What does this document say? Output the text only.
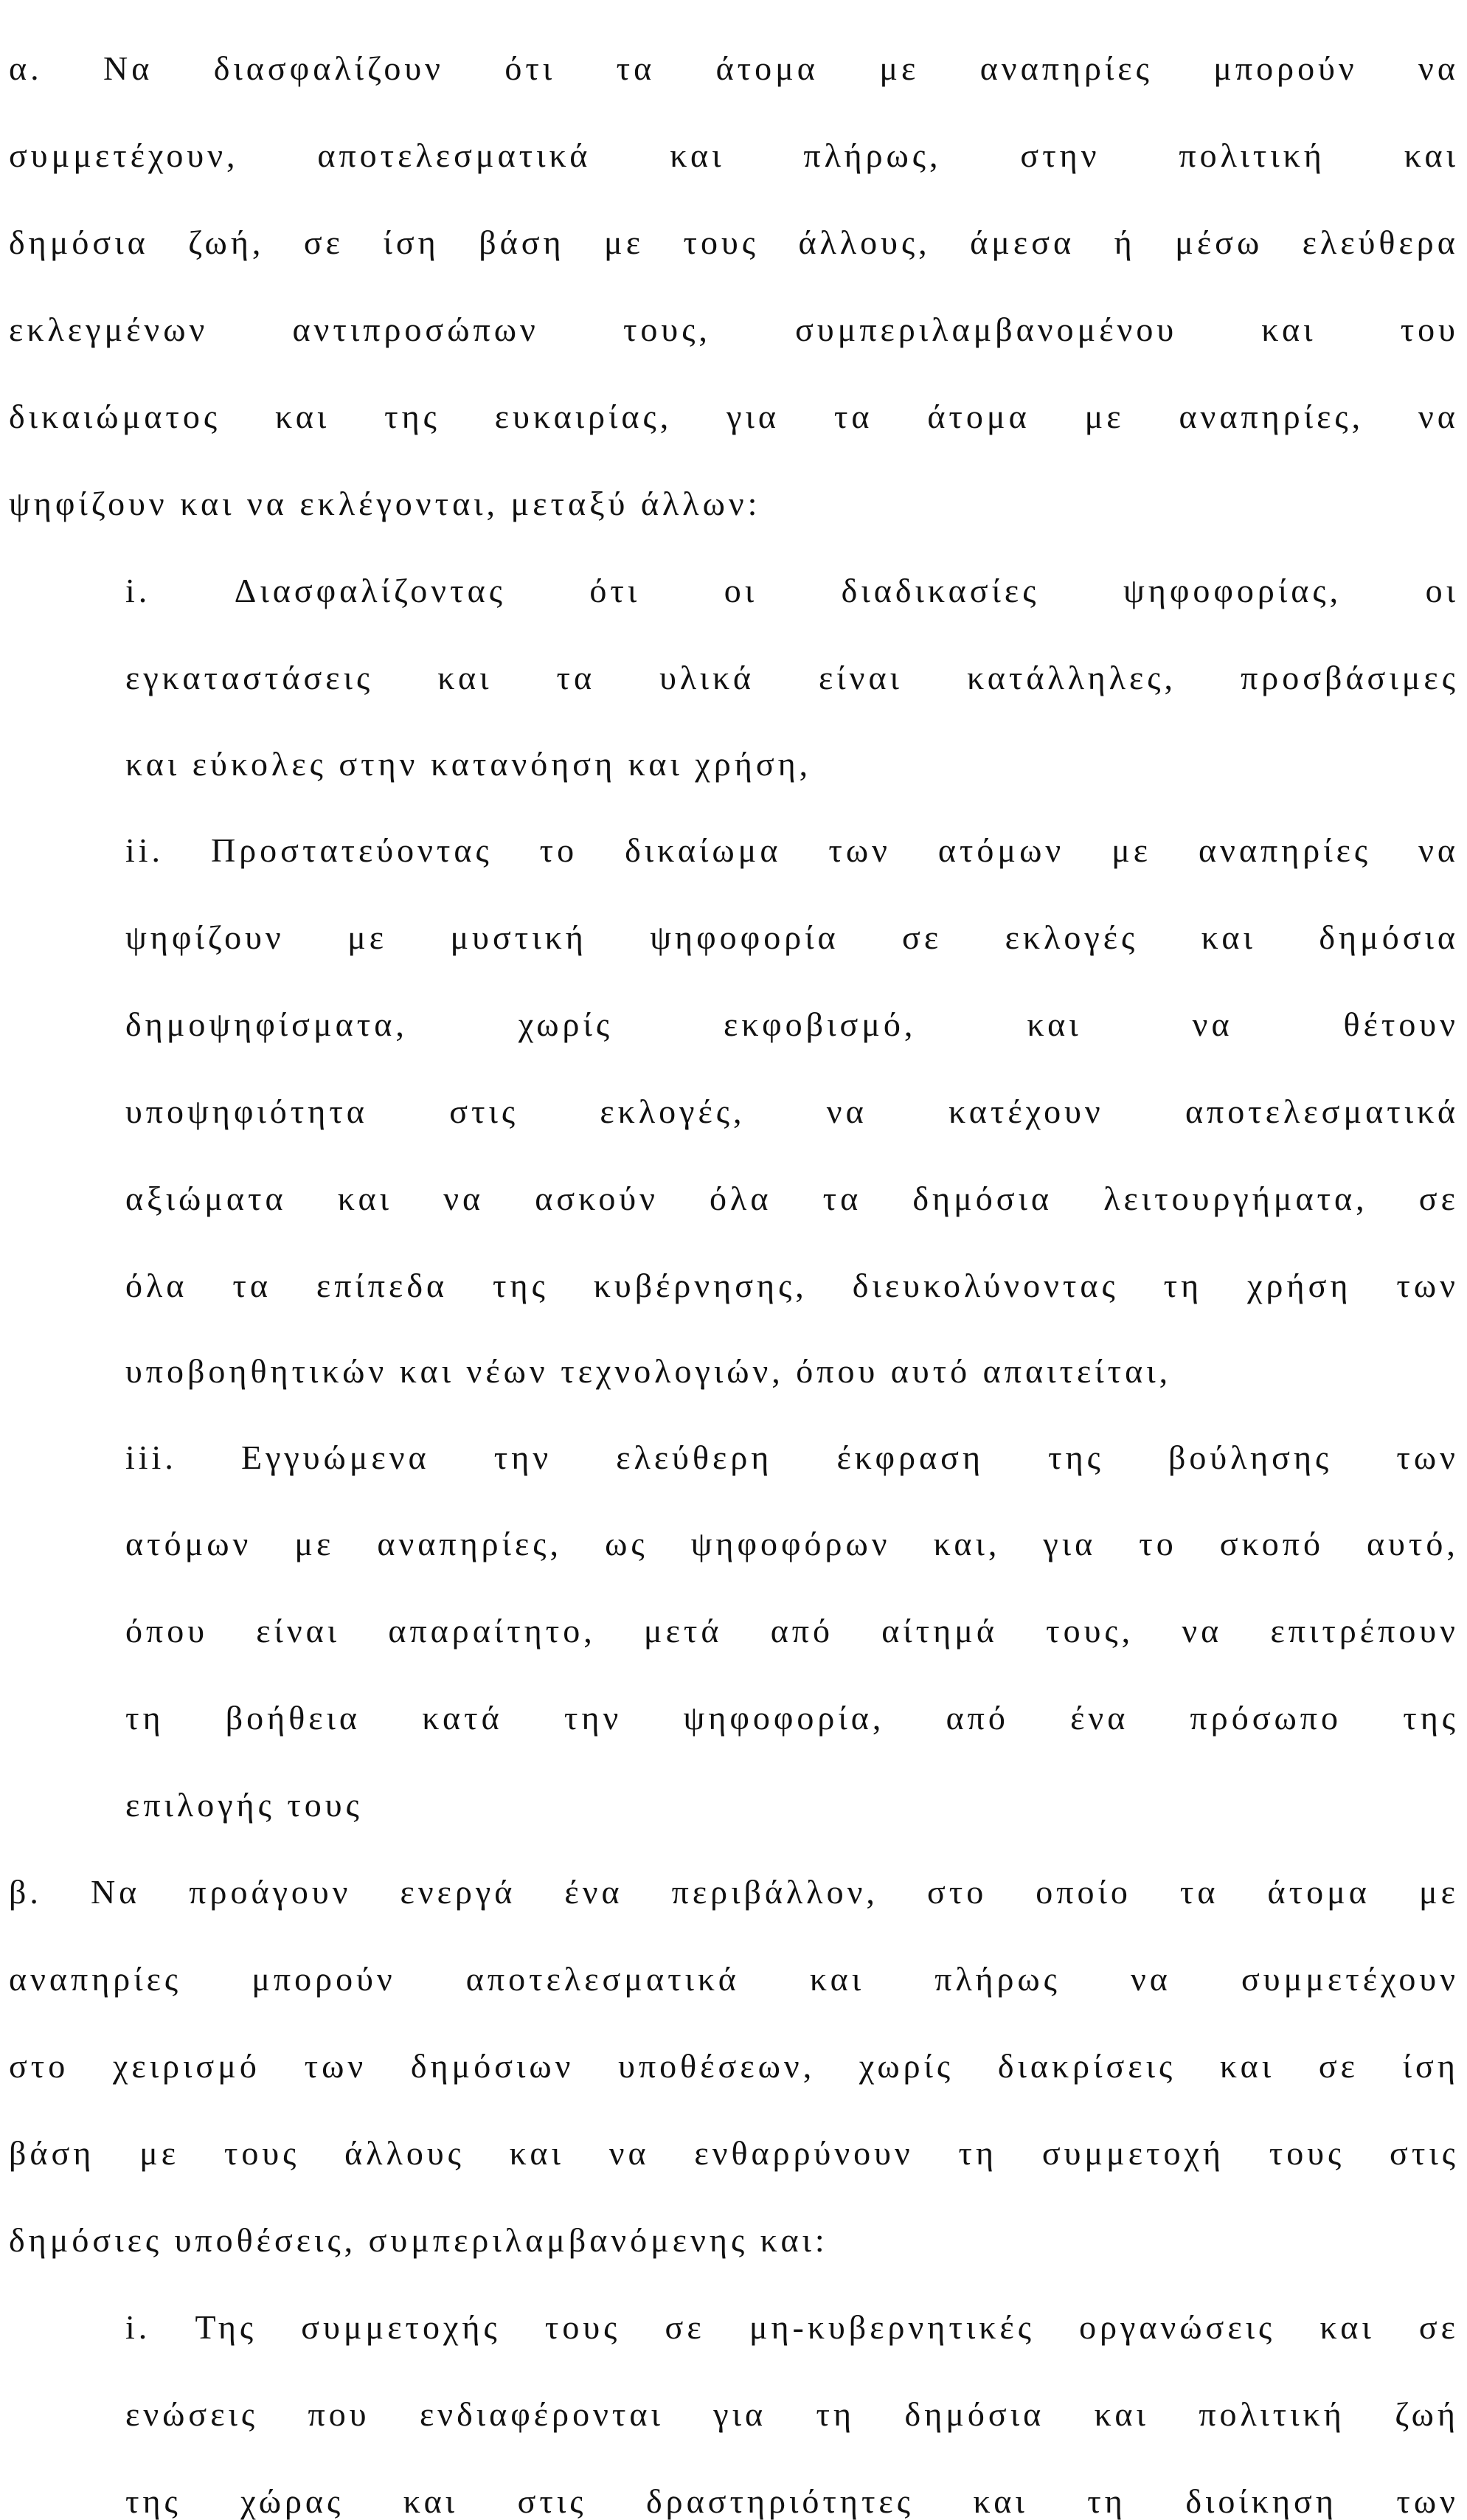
α. Να διασφαλίζουν ότι τα άτομα με αναπηρίες μπορούν να
συμμετέχουν, αποτελεσματικά και πλήρως, στην πολιτική και
δημόσια ζωή, σε ίση βάση με τους άλλους, άμεσα ή μέσω ελεύθερα
εκλεγμένων αντιπροσώπων τους, συμπεριλαμβανομένου και του
δικαιώματος και της ευκαιρίας, για τα άτομα με αναπηρίες, να
ψηφίζουν και να εκλέγονται, μεταξύ άλλων:
i. Διασφαλίζοντας ότι οι διαδικασίες ψηφοφορίας, οι
εγκαταστάσεις και τα υλικά είναι κατάλληλες, προσβάσιμες
και εύκολες στην κατανόηση και χρήση,
ii. Προστατεύοντας το δικαίωμα των ατόμων με αναπηρίες να
ψηφίζουν με μυστική ψηφοφορία σε εκλογές και δημόσια
δημοψηφίσματα,	χωρίς	εκφοβισμό,	και	να	θέτουν
υποψηφιότητα στις εκλογές, να κατέχουν αποτελεσματικά
αξιώματα και να ασκούν όλα τα δημόσια λειτουργήματα, σε
όλα τα επίπεδα της κυβέρνησης, διευκολύνοντας τη χρήση των
υποβοηθητικών και νέων τεχνολογιών, όπου αυτό απαιτείται,
iii. Εγγυώμενα την ελεύθερη έκφραση της βούλησης των
ατόμων με αναπηρίες, ως ψηφοφόρων και, για το σκοπό αυτό,
όπου είναι απαραίτητο, μετά από αίτημά τους, να επιτρέπουν
τη βοήθεια κατά την ψηφοφορία, από ένα πρόσωπο της
επιλογής τους
β. Να προάγουν ενεργά ένα περιβάλλον, στο οποίο τα άτομα με
αναπηρίες μπορούν αποτελεσματικά και πλήρως να συμμετέχουν
στο χειρισμό των δημόσιων υποθέσεων, χωρίς διακρίσεις και σε ίση
βάση με τους άλλους και να ενθαρρύνουν τη συμμετοχή τους στις
δημόσιες υποθέσεις, συμπεριλαμβανόμενης και:
i. Της συμμετοχής τους σε μη-κυβερνητικές οργανώσεις και σε
ενώσεις που ενδιαφέρονται για τη δημόσια και πολιτική ζωή
της χώρας και στις δραστηριότητες και τη διοίκηση των
